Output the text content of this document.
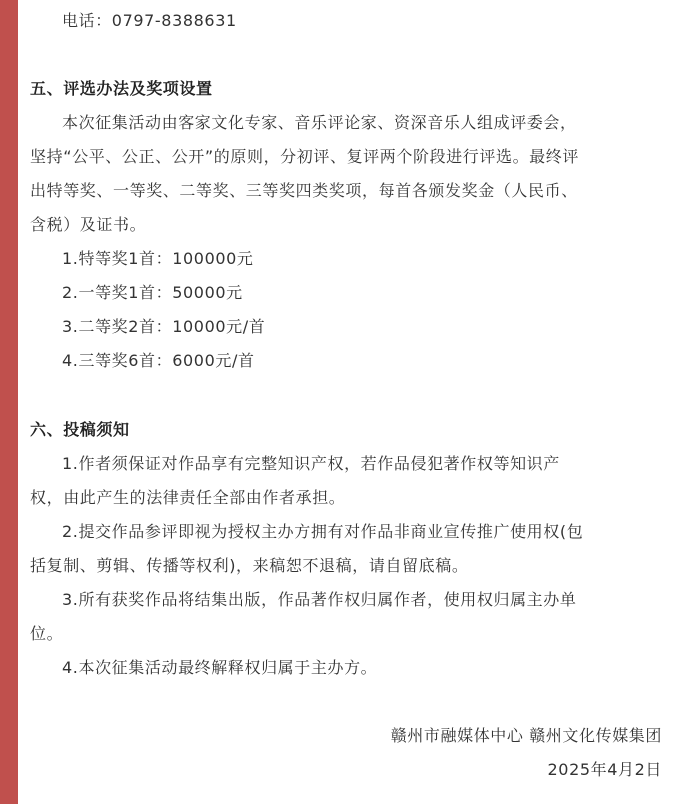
电话：0797-8388631
五、评选办法及奖项设置
本次征集活动由客家文化专家、音乐评论家、资深音乐人组成评委会，
坚持“公平、公正、公开”的原则，分初评、复评两个阶段进行评选。最终评
出特等奖、一等奖、二等奖、三等奖四类奖项，每首各颁发奖金（人民币、
含税）及证书。
1.特等奖1首：100000元
2.一等奖1首：50000元
3.二等奖2首：10000元/首
4.三等奖6首：6000元/首
六、投稿须知
1.作者须保证对作品享有完整知识产权，若作品侵犯著作权等知识产
权，由此产生的法律责任全部由作者承担。
2.提交作品参评即视为授权主办方拥有对作品非商业宣传推广使用权(包
括复制、剪辑、传播等权利)，来稿恕不退稿，请自留底稿。
3.所有获奖作品将结集出版，作品著作权归属作者，使用权归属主办单
位。
4.本次征集活动最终解释权归属于主办方。
赣州市融媒体中心 赣州文化传媒集团
2025年4月2日
